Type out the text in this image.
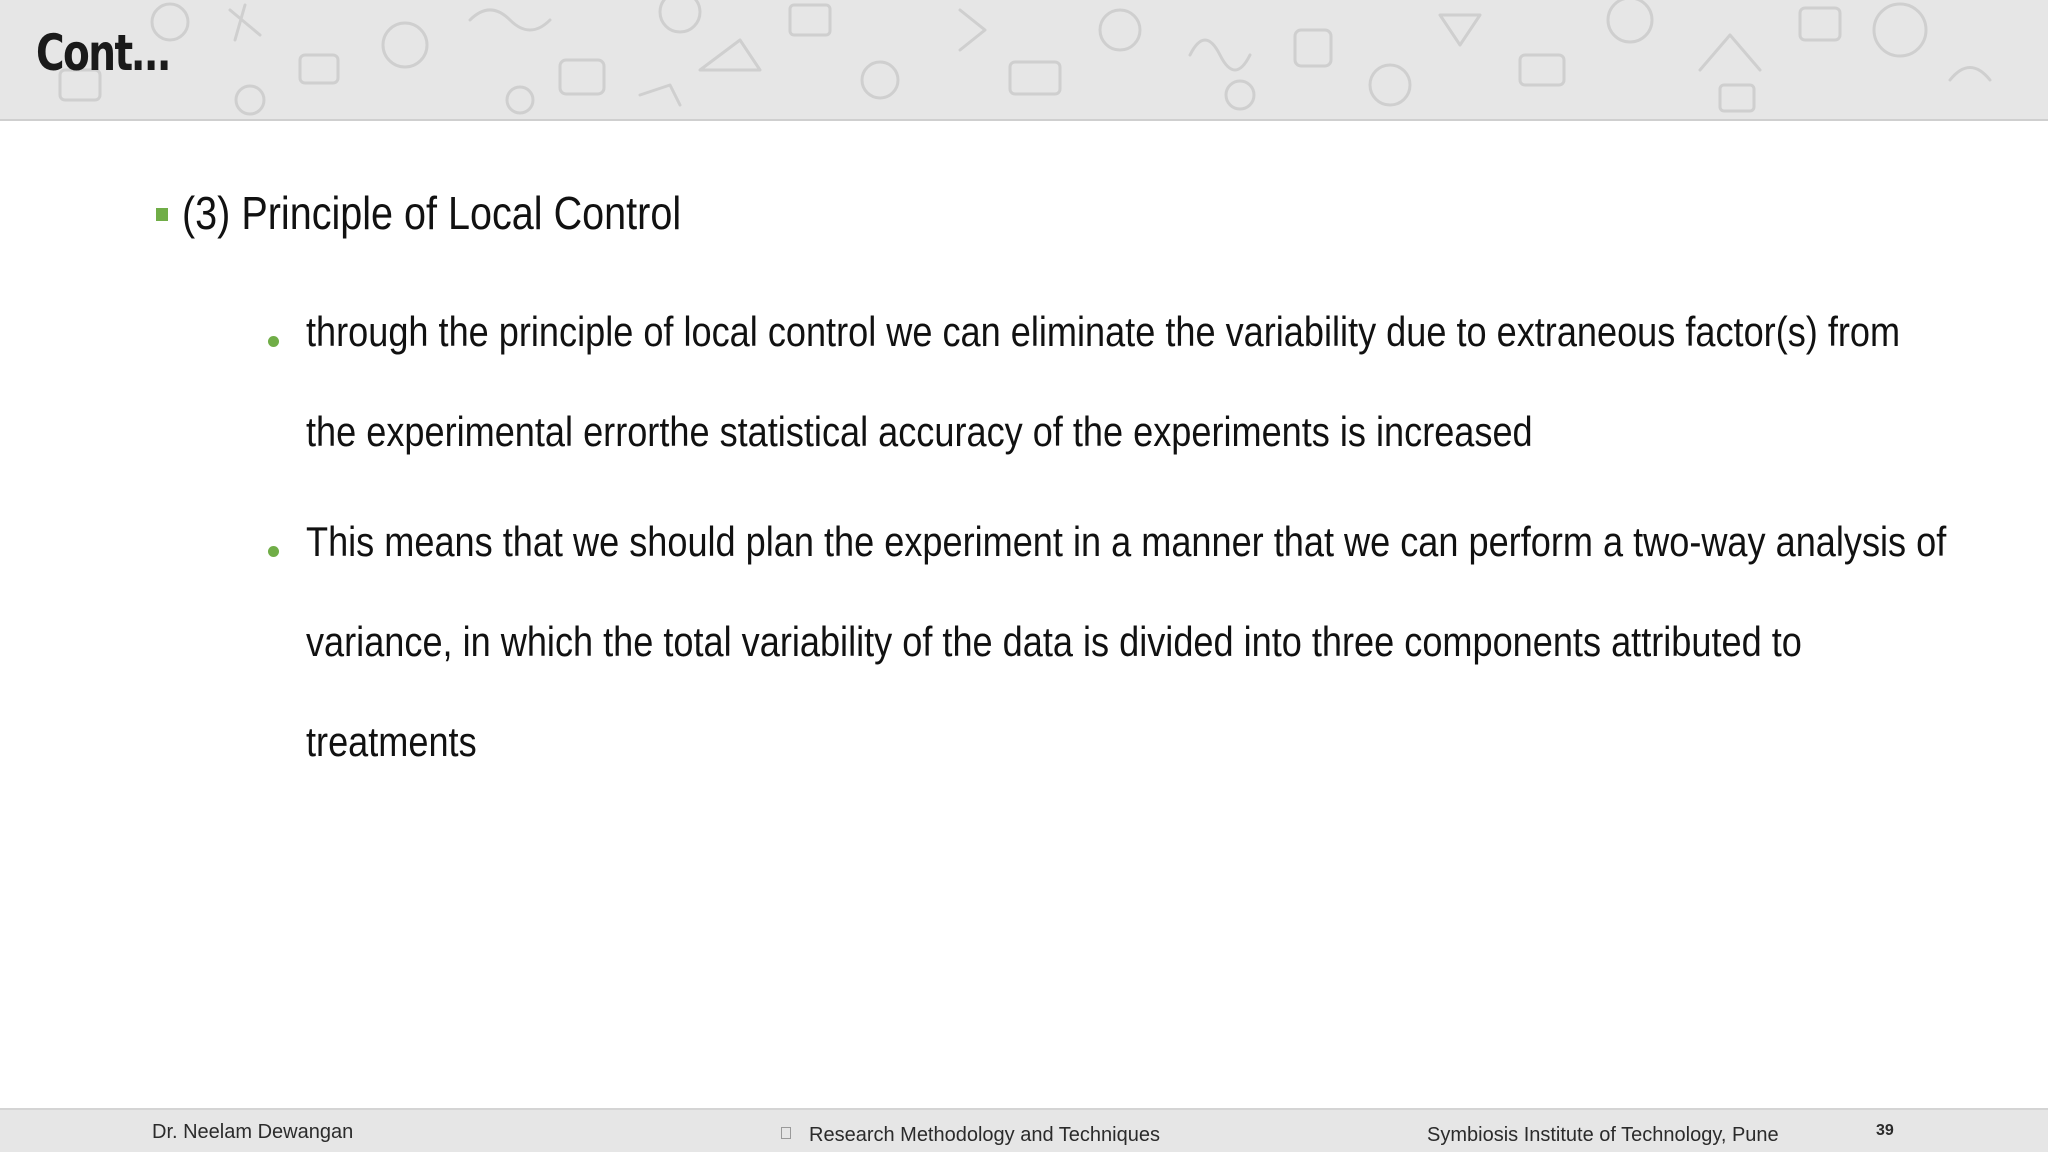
Cont…
(3) Principle of Local Control
through the principle of local control we can eliminate the variability due to extraneous factor(s) from
the experimental errorthe statistical accuracy of the experiments is increased
This means that we should plan the experiment in a manner that we can perform a two-way analysis of
variance, in which the total variability of the data is divided into three components attributed to
treatments
Dr. Neelam Dewangan	Research Methodology and Techniques	Symbiosis Institute of Technology, Pune	39
